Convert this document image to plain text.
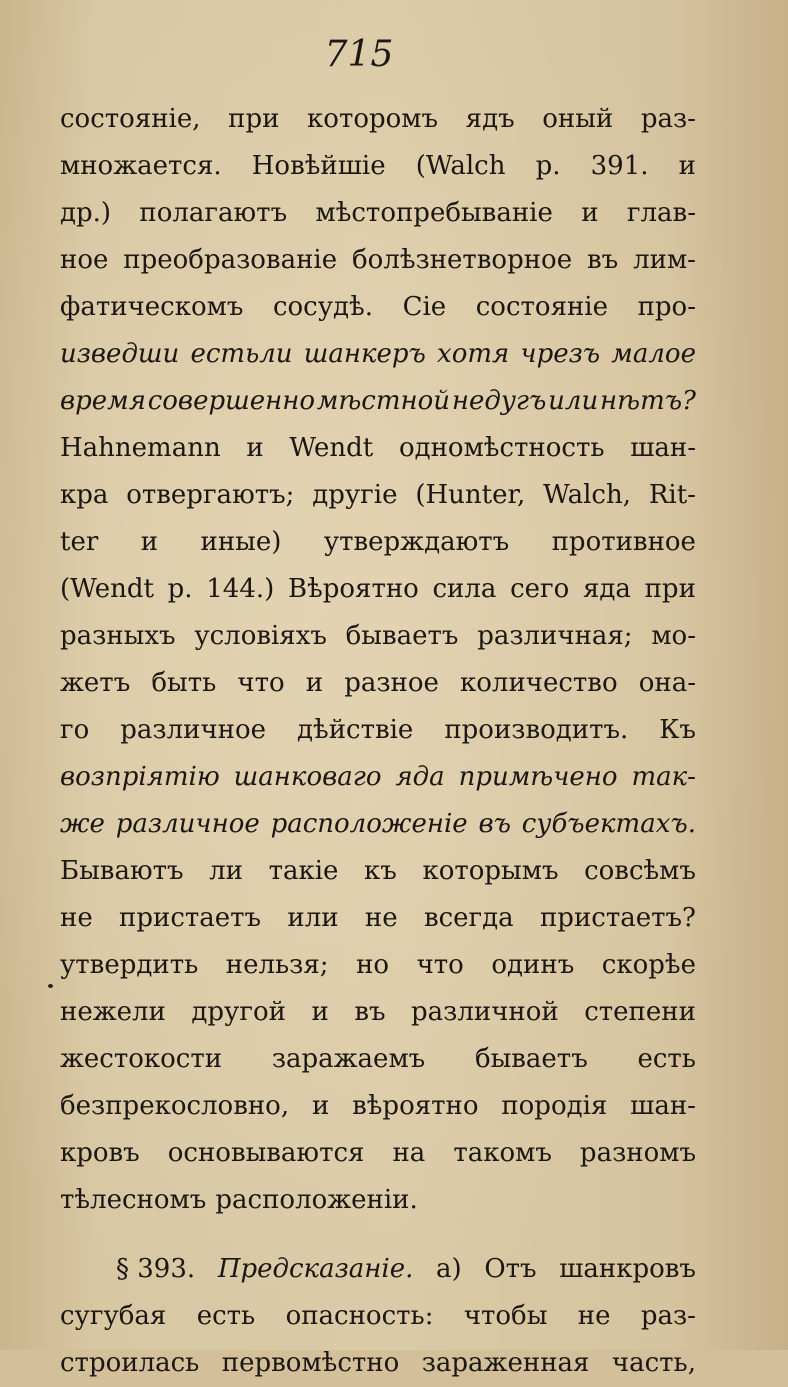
715
состояніе, при которомъ ядъ оный раз-
множается. Новѣйшіе (Walch p. 391. и
др.) полагаютъ мѣстопребываніе и глав-
ное преобразованіе болѣзнетворное въ лим-
фатическомъ сосудѣ. Сіе состояніе про-
изведши естьли шанкеръ хотя чрезъ малое
время совершенно мѣстной недугъ или нѣтъ?
Hahnemann и Wendt одномѣстность шан-
кра отвергаютъ; другіе (Hunter, Walch, Rit-
ter и иные) утверждаютъ противное
(Wendt p. 144.) Вѣроятно сила сего яда при
разныхъ условіяхъ бываетъ различная; мо-
жетъ быть что и разное количество она-
го различное дѣйствіе производитъ. Къ
возпріятію шанковаго яда примѣчено так-
же различное расположеніе въ субъектахъ.
Бываютъ ли такіе къ которымъ совсѣмъ
не пристаетъ или не всегда пристаетъ?
утвердить нельзя; но что одинъ скорѣе
нежели другой и въ различной степени
жестокости заражаемъ бываетъ есть
безпрекословно, и вѣроятно породія шан-
кровъ основываются на такомъ разномъ
тѣлесномъ расположеніи.
§ 393. Предсказаніе. а) Отъ шанкровъ
сугубая есть опасность: чтобы не раз-
строилась первомѣстно зараженная часть,
